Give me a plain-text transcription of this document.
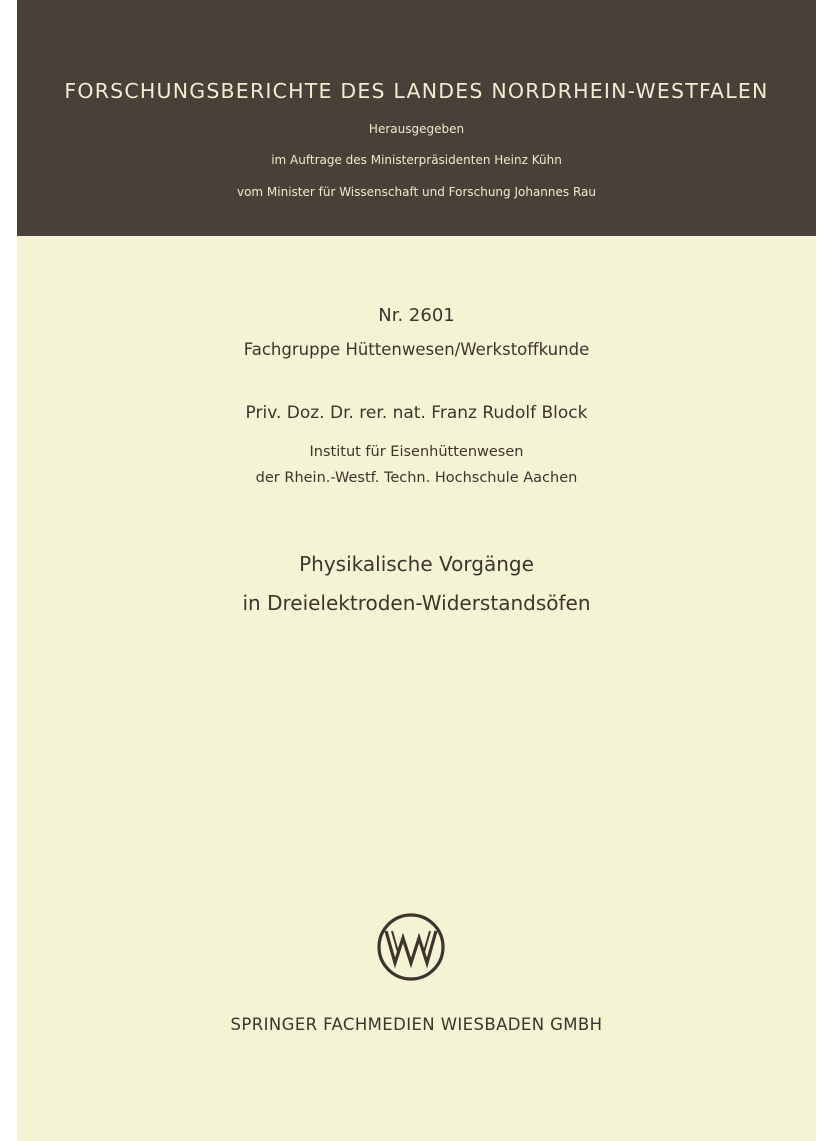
FORSCHUNGSBERICHTE DES LANDES NORDRHEIN-WESTFALEN
Herausgegeben
im Auftrage des Ministerpräsidenten Heinz Kühn
vom Minister für Wissenschaft und Forschung Johannes Rau
Nr. 2601
Fachgruppe Hüttenwesen/Werkstoffkunde
Priv. Doz. Dr. rer. nat. Franz Rudolf Block
Institut für Eisenhüttenwesen
der Rhein.-Westf. Techn. Hochschule Aachen
Physikalische Vorgänge
in Dreielektroden-Widerstandsöfen
SPRINGER FACHMEDIEN WIESBADEN GMBH
